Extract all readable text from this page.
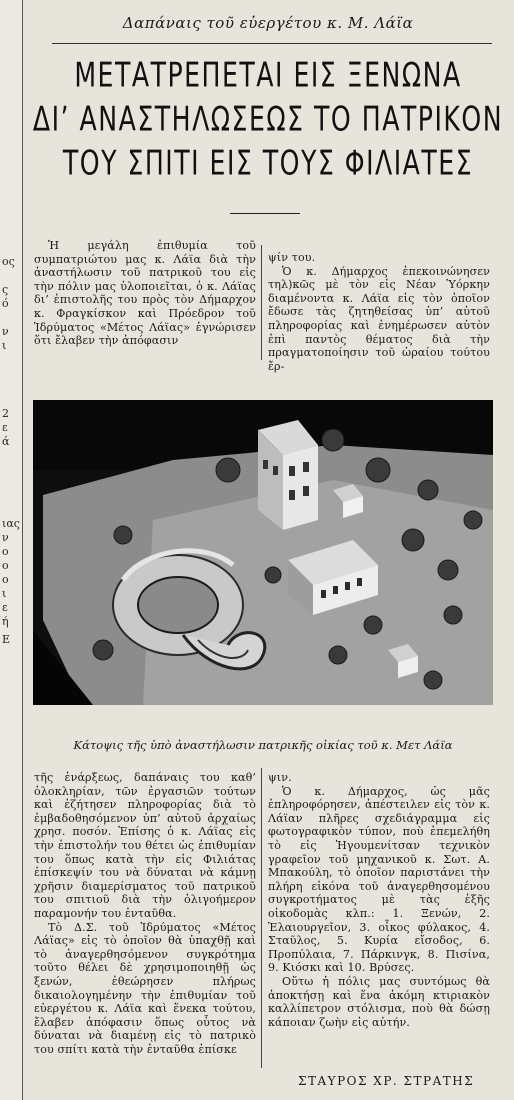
ος
ς
ό
ν
ι
2
ε
ά
ιας
ν
ο
ο
ο
ι
ε
ή
Ε
Δαπάναις τοῦ εὐεργέτου κ. Μ. Λάϊα
ΜΕΤΑΤΡΕΠΕΤΑΙ ΕΙΣ ΞΕΝΩΝΑ
ΔΙ’ ΑΝΑΣΤΗΛΩΣΕΩΣ ΤΟ ΠΑΤΡΙΚΟΝ
ΤΟΥ ΣΠΙΤΙ ΕΙΣ ΤΟΥΣ ΦΙΛΙΑΤΕΣ

Ἡ μεγάλη ἐπιθυμία τοῦ συμπατριώτου μας κ. Λάϊα διὰ τὴν ἀναστήλωσιν τοῦ πατρικοῦ του εἰς τὴν πόλιν μας ὑλοποιεῖται, ὁ κ. Λάϊας δι’ ἐπιστολῆς του πρὸς τὸν Δήμαρχον κ. Φραγκίσκον καὶ Πρόεδρον τοῦ Ἱδρύματος «Μέτος Λάϊας» ἐγνώρισεν ὅτι ἔλαβεν τὴν ἀπόφασιν

ψίν του.

Ὁ κ. Δήμαρχος ἐπεκοινώνησεν τηλ)κῶς μὲ τὸν εἰς Νέαν Ὑόρκην διαμένοντα κ. Λάϊα εἰς τὸν ὁποῖον ἔδωσε τὰς ζητηθείσας ὑπ’ αὐτοῦ πληροφορίας καὶ ἐνημέρωσεν αὐτὸν ἐπὶ παντὸς θέματος διὰ τὴν πραγματοποίησιν τοῦ ὡραίου τούτου ἔρ-

Κάτοψις τῆς ὑπὸ ἀναστήλωσιν πατρικῆς οἰκίας τοῦ κ. Μετ Λάϊα

τῆς ἐνάρξεως, δαπάναις του καθ’ ὁλοκληρίαν, τῶν ἐργασιῶν τούτων καὶ ἐζήτησεν πληροφορίας διὰ τὸ ἐμβαδοθησόμενον ὑπ’ αὐτοῦ ἀρχαίως χρησ. ποσόν. Ἐπίσης ὁ κ. Λάϊας εἰς τὴν ἐπιστολήν του θέτει ὡς ἐπιθυμίαν του ὅπως κατὰ τὴν εἰς Φιλιάτας ἐπίσκεψίν του νὰ δύναται νὰ κάμνῃ χρῆσιν διαμερίσματος τοῦ πατρικοῦ του σπιτιοῦ διὰ τὴν ὀλιγοήμερον παραμονήν του ἐνταῦθα.

Τὸ Δ.Σ. τοῦ Ἱδρύματος «Μέτος Λάϊας» εἰς τὸ ὁποῖον θὰ ὑπαχθῇ καὶ τὸ ἀναγερθησόμενον συγκρότημα τοῦτο θέλει δὲ χρησιμοποιηθῇ ὡς ξενών, ἐθεώρησεν πλήρως δικαιολογημένην τὴν ἐπιθυμίαν τοῦ εὐεργέτου κ. Λάϊα καὶ ἕνεκα τούτου, ἔλαβεν ἀπόφασιν ὅπως οὗτος νὰ δύναται νὰ διαμένῃ εἰς τὸ πατρικὸ του σπίτι κατὰ τὴν ἐνταῦθα ἐπίσκε

ψιν.

Ὁ κ. Δήμαρχος, ὡς μᾶς ἐπληροφόρησεν, ἀπέστειλεν εἰς τὸν κ. Λάϊαν πλῆρες σχεδιάγραμμα εἰς φωτογραφικὸν τύπον, ποὺ ἐπεμελήθη τὸ εἰς Ἡγουμενίτσαν τεχνικὸν γραφεῖον τοῦ μηχανικοῦ κ. Σωτ. Α. Μπακούλη, τὸ ὁποῖον παριστάνει τὴν πλήρη εἰκόνα τοῦ ἀναγερθησομένου συγκροτήματος μὲ τὰς ἑξῆς οἰκοδομὰς κλπ.: 1. Ξενών, 2. Ἐλαιουργεῖον, 3. οἶκος φύλακος, 4. Σταῦλος, 5. Κυρία εἴσοδος, 6. Προπύλαια, 7. Πάρκινγκ, 8. Πισίνα, 9. Κιόσκι καὶ 10. Βρύσες.

Οὕτω ἡ πόλις μας συντόμως θὰ ἀποκτήσῃ καὶ ἕνα ἀκόμη κτιριακὸν καλλίπετρον στόλισμα, ποὺ θὰ δώσῃ κάποιαν ζωὴν εἰς αὐτήν.

ΣΤΑΥΡΟΣ ΧΡ. ΣΤΡΑΤΗΣ
